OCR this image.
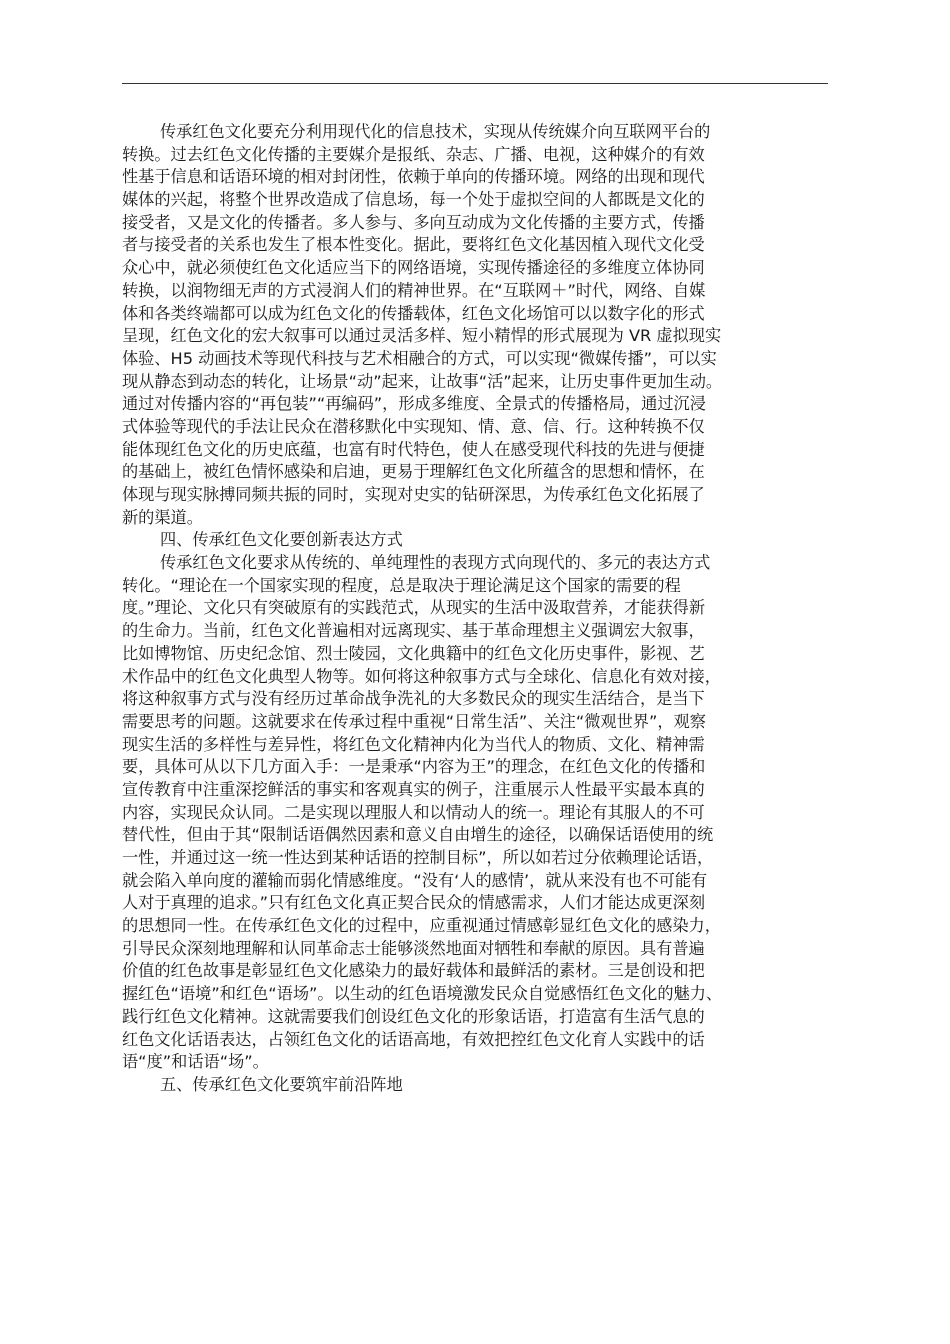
传承红色文化要充分利用现代化的信息技术，实现从传统媒介向互联网平台的
转换。过去红色文化传播的主要媒介是报纸、杂志、广播、电视，这种媒介的有效
性基于信息和话语环境的相对封闭性，依赖于单向的传播环境。网络的出现和现代
媒体的兴起，将整个世界改造成了信息场，每一个处于虚拟空间的人都既是文化的
接受者，又是文化的传播者。多人参与、多向互动成为文化传播的主要方式，传播
者与接受者的关系也发生了根本性变化。据此，要将红色文化基因植入现代文化受
众心中，就必须使红色文化适应当下的网络语境，实现传播途径的多维度立体协同
转换，以润物细无声的方式浸润人们的精神世界。在“互联网＋”时代，网络、自媒
体和各类终端都可以成为红色文化的传播载体，红色文化场馆可以以数字化的形式
呈现，红色文化的宏大叙事可以通过灵活多样、短小精悍的形式展现为 VR 虚拟现实
体验、H5 动画技术等现代科技与艺术相融合的方式，可以实现“微媒传播”，可以实
现从静态到动态的转化，让场景“动”起来，让故事“活”起来，让历史事件更加生动。
通过对传播内容的“再包装”“再编码”，形成多维度、全景式的传播格局，通过沉浸
式体验等现代的手法让民众在潜移默化中实现知、情、意、信、行。这种转换不仅
能体现红色文化的历史底蕴，也富有时代特色，使人在感受现代科技的先进与便捷
的基础上，被红色情怀感染和启迪，更易于理解红色文化所蕴含的思想和情怀，在
体现与现实脉搏同频共振的同时，实现对史实的钻研深思，为传承红色文化拓展了
新的渠道。
四、传承红色文化要创新表达方式
传承红色文化要求从传统的、单纯理性的表现方式向现代的、多元的表达方式
转化。“理论在一个国家实现的程度，总是取决于理论满足这个国家的需要的程
度。”理论、文化只有突破原有的实践范式，从现实的生活中汲取营养，才能获得新
的生命力。当前，红色文化普遍相对远离现实、基于革命理想主义强调宏大叙事，
比如博物馆、历史纪念馆、烈士陵园，文化典籍中的红色文化历史事件，影视、艺
术作品中的红色文化典型人物等。如何将这种叙事方式与全球化、信息化有效对接，
将这种叙事方式与没有经历过革命战争洗礼的大多数民众的现实生活结合，是当下
需要思考的问题。这就要求在传承过程中重视“日常生活”、关注“微观世界”，观察
现实生活的多样性与差异性，将红色文化精神内化为当代人的物质、文化、精神需
要，具体可从以下几方面入手：一是秉承“内容为王”的理念，在红色文化的传播和
宣传教育中注重深挖鲜活的事实和客观真实的例子，注重展示人性最平实最本真的
内容，实现民众认同。二是实现以理服人和以情动人的统一。理论有其服人的不可
替代性，但由于其“限制话语偶然因素和意义自由增生的途径，以确保话语使用的统
一性，并通过这一统一性达到某种话语的控制目标”，所以如若过分依赖理论话语，
就会陷入单向度的灌输而弱化情感维度。“没有‘人的感情’，就从来没有也不可能有
人对于真理的追求。”只有红色文化真正契合民众的情感需求，人们才能达成更深刻
的思想同一性。在传承红色文化的过程中，应重视通过情感彰显红色文化的感染力，
引导民众深刻地理解和认同革命志士能够淡然地面对牺牲和奉献的原因。具有普遍
价值的红色故事是彰显红色文化感染力的最好载体和最鲜活的素材。三是创设和把
握红色“语境”和红色“语场”。以生动的红色语境激发民众自觉感悟红色文化的魅力、
践行红色文化精神。这就需要我们创设红色文化的形象话语，打造富有生活气息的
红色文化话语表达，占领红色文化的话语高地，有效把控红色文化育人实践中的话
语“度”和话语“场”。
五、传承红色文化要筑牢前沿阵地
